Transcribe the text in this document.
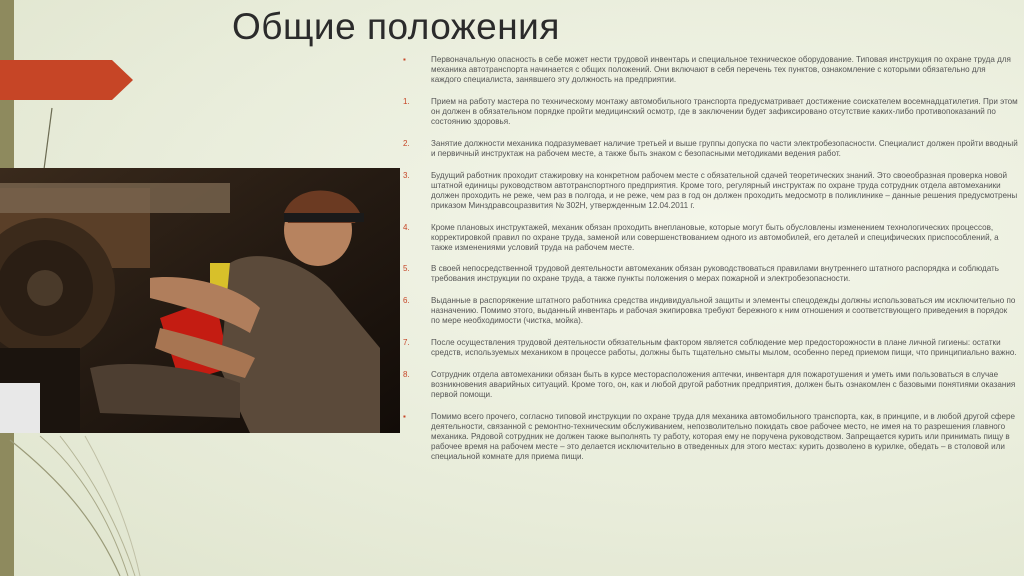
Общие положения
▪	Первоначальную опасность в себе может нести трудовой инвентарь и специальное техническое оборудование. Типовая инструкция по охране труда для механика автотранспорта начинается с общих положений. Они включают в себя перечень тех пунктов, ознакомление с которыми обязательно для каждого специалиста, занявшего эту должность на предприятии.
1.	Прием на работу мастера по техническому монтажу автомобильного транспорта предусматривает достижение соискателем восемнадцатилетия. При этом он должен в обязательном порядке пройти медицинский осмотр, где в заключении будет зафиксировано отсутствие каких-либо противопоказаний по состоянию здоровья.
2.	Занятие должности механика подразумевает наличие третьей и выше группы допуска по части электробезопасности. Специалист должен пройти вводный и первичный инструктаж на рабочем месте, а также быть знаком с безопасными методиками ведения работ.
3.	Будущий работник проходит стажировку на конкретном рабочем месте с обязательной сдачей теоретических знаний. Это своеобразная проверка новой штатной единицы руководством автотранспортного предприятия. Кроме того, регулярный инструктаж по охране труда сотрудник отдела автомеханики должен проходить не реже, чем раз в полгода, и не реже, чем раз в год он должен проходить медосмотр в поликлинике – данные решения предусмотрены приказом Минздравсоцразвития № 302Н, утвержденным 12.04.2011 г.
4.	Кроме плановых инструктажей, механик обязан проходить внеплановые, которые могут быть обусловлены изменением технологических процессов, корректировкой правил по охране труда, заменой или совершенствованием одного из автомобилей, его деталей и специфических приспособлений, а также изменениями условий труда на рабочем месте.
5.	В своей непосредственной трудовой деятельности автомеханик обязан руководствоваться правилами внутреннего штатного распорядка и соблюдать требования инструкции по охране труда, а также пункты положения о мерах пожарной и электробезопасности.
6.	Выданные в распоряжение штатного работника средства индивидуальной защиты и элементы спецодежды должны использоваться им исключительно по назначению. Помимо этого, выданный инвентарь и рабочая экипировка требуют бережного к ним отношения и соответствующего приведения в порядок по мере необходимости (чистка, мойка).
7.	После осуществления трудовой деятельности обязательным фактором является соблюдение мер предосторожности в плане личной гигиены: остатки средств, используемых механиком в процессе работы, должны быть тщательно смыты мылом, особенно перед приемом пищи, что принципиально важно.
8.	Сотрудник отдела автомеханики обязан быть в курсе месторасположения аптечки, инвентаря для пожаротушения и уметь ими пользоваться в случае возникновения аварийных ситуаций. Кроме того, он, как и любой другой работник предприятия, должен быть ознакомлен с базовыми понятиями оказания первой помощи.
▪	Помимо всего прочего, согласно типовой инструкции по охране труда для механика автомобильного транспорта, как, в принципе, и в любой другой сфере деятельности, связанной с ремонтно-техническим обслуживанием, непозволительно покидать свое рабочее место, не имея на то разрешения главного механика. Рядовой сотрудник не должен также выполнять ту работу, которая ему не поручена руководством. Запрещается курить или принимать пищу в рабочее время на рабочем месте – это делается исключительно в отведенных для этого местах: курить дозволено в курилке, обедать – в столовой или специальной комнате для приема пищи.
